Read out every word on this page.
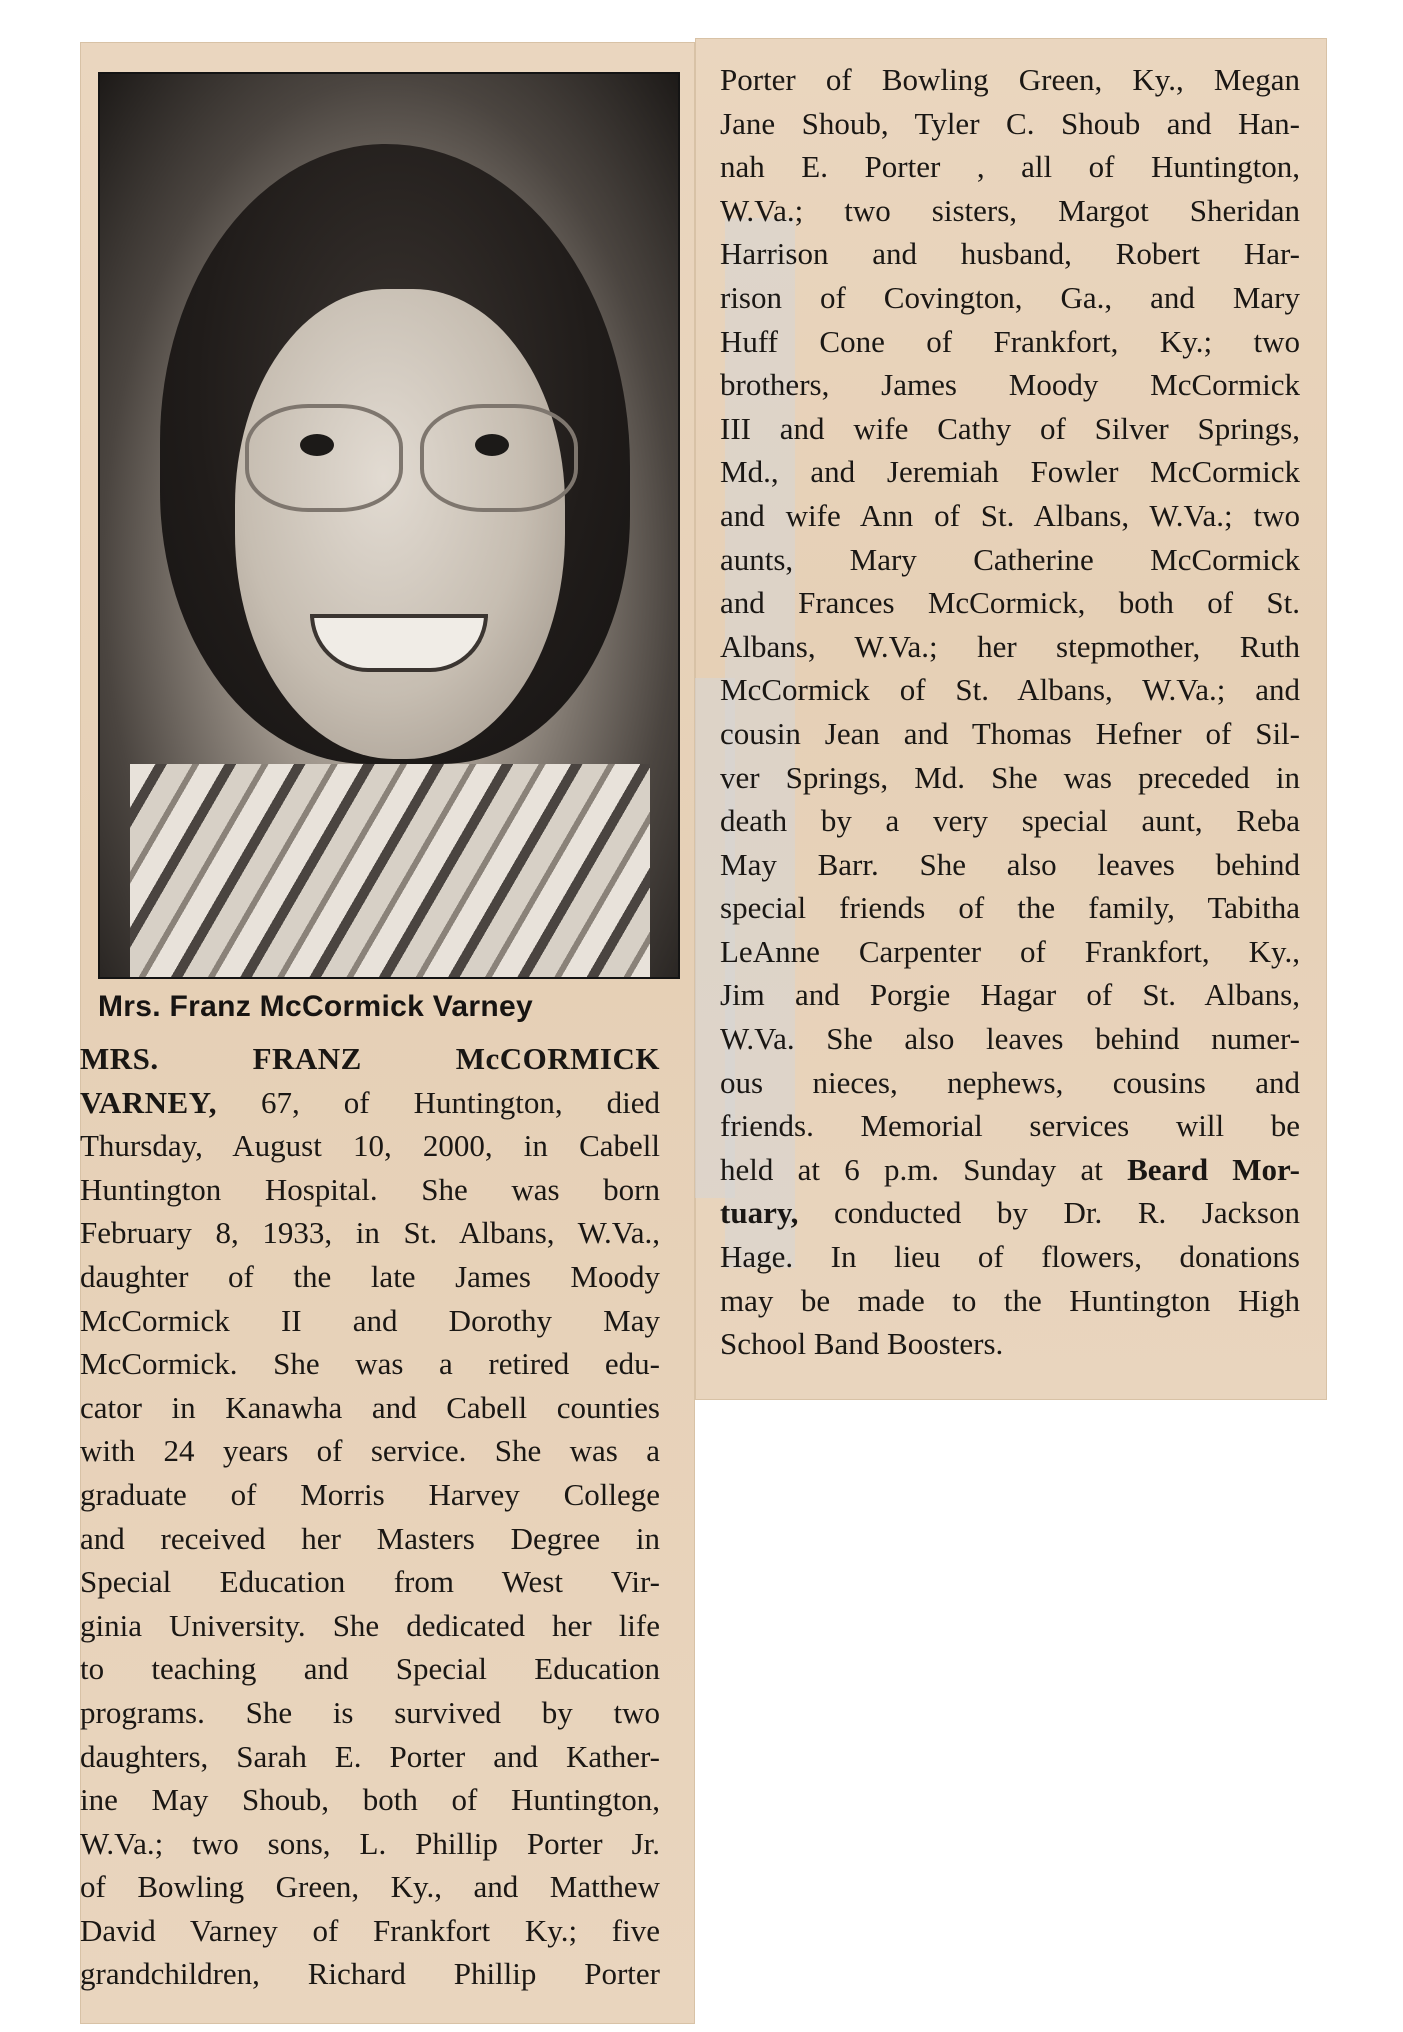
Mrs. Franz McCormick Varney
MRS. FRANZ McCORMICK
VARNEY, 67, of Huntington, died
Thursday, August 10, 2000, in Cabell
Huntington Hospital. She was born
February 8, 1933, in St. Albans, W.Va.,
daughter of the late James Moody
McCormick II and Dorothy May
McCormick. She was a retired edu-
cator in Kanawha and Cabell counties
with 24 years of service. She was a
graduate of Morris Harvey College
and received her Masters Degree in
Special Education from West Vir-
ginia University. She dedicated her life
to teaching and Special Education
programs. She is survived by two
daughters, Sarah E. Porter and Kather-
ine May Shoub, both of Huntington,
W.Va.; two sons, L. Phillip Porter Jr.
of Bowling Green, Ky., and Matthew
David Varney of Frankfort Ky.; five
grandchildren, Richard Phillip Porter
Porter of Bowling Green, Ky., Megan
Jane Shoub, Tyler C. Shoub and Han-
nah E. Porter , all of Huntington,
W.Va.; two sisters, Margot Sheridan
Harrison and husband, Robert Har-
rison of Covington, Ga., and Mary
Huff Cone of Frankfort, Ky.; two
brothers, James Moody McCormick
III and wife Cathy of Silver Springs,
Md., and Jeremiah Fowler McCormick
and wife Ann of St. Albans, W.Va.; two
aunts, Mary Catherine McCormick
and Frances McCormick, both of St.
Albans, W.Va.; her stepmother, Ruth
McCormick of St. Albans, W.Va.; and
cousin Jean and Thomas Hefner of Sil-
ver Springs, Md. She was preceded in
death by a very special aunt, Reba
May Barr. She also leaves behind
special friends of the family, Tabitha
LeAnne Carpenter of Frankfort, Ky.,
Jim and Porgie Hagar of St. Albans,
W.Va. She also leaves behind numer-
ous nieces, nephews, cousins and
friends. Memorial services will be
held at 6 p.m. Sunday at Beard Mor-
tuary, conducted by Dr. R. Jackson
Hage. In lieu of flowers, donations
may be made to the Huntington High
School Band Boosters.
